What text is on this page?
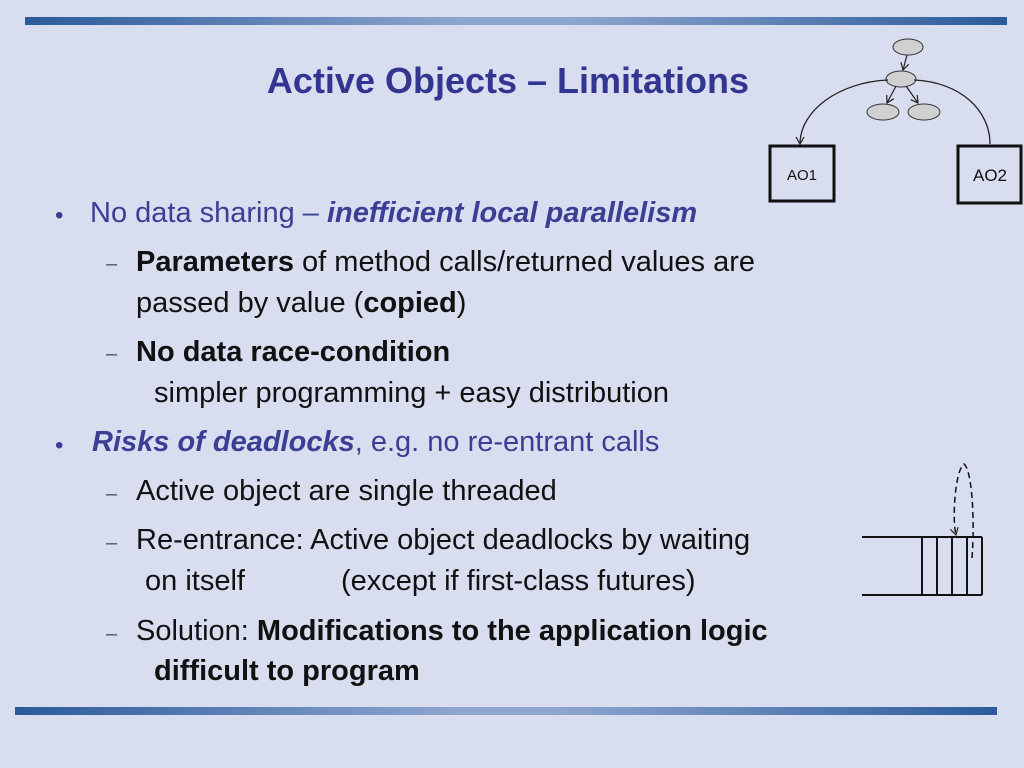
Active Objects – Limitations
AO1	AO2
• No data sharing – inefficient local parallelism
– Parameters of method calls/returned values are
passed by value (copied)
– No data race-condition
simpler programming + easy distribution
• Risks of deadlocks, e.g. no re-entrant calls
– Active object are single threaded
– Re-entrance: Active object deadlocks by waiting
on itself	(except if first-class futures)
– Solution: Modifications to the application logic
difficult to program
